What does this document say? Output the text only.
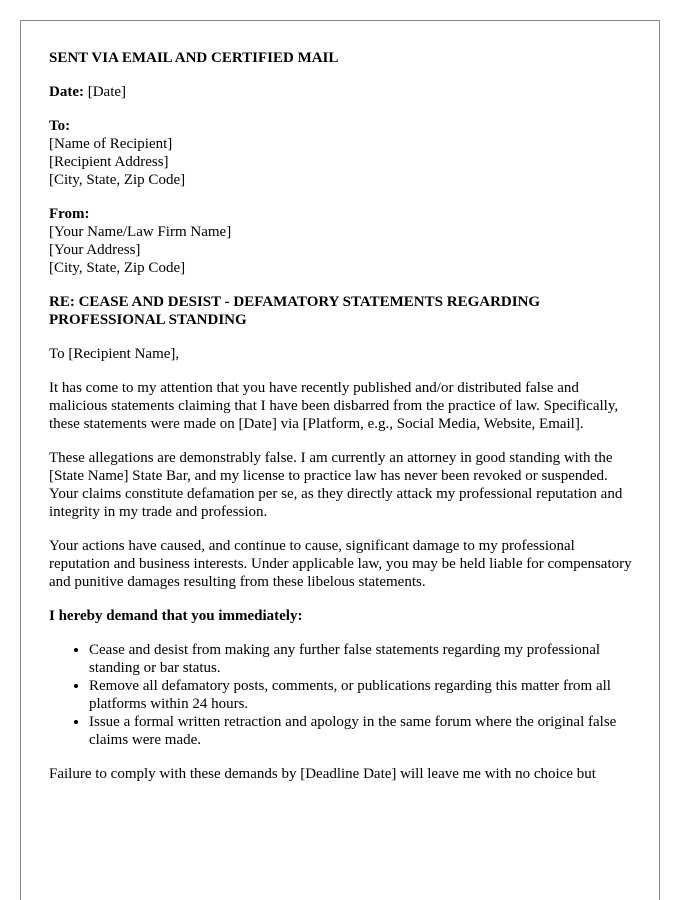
SENT VIA EMAIL AND CERTIFIED MAIL

Date: [Date]

To:
[Name of Recipient]
[Recipient Address]
[City, State, Zip Code]

From:
[Your Name/Law Firm Name]
[Your Address]
[City, State, Zip Code]

RE: CEASE AND DESIST - DEFAMATORY STATEMENTS REGARDING PROFESSIONAL STANDING

To [Recipient Name],

It has come to my attention that you have recently published and/or distributed false and malicious statements claiming that I have been disbarred from the practice of law. Specifically, these statements were made on [Date] via [Platform, e.g., Social Media, Website, Email].

These allegations are demonstrably false. I am currently an attorney in good standing with the [State Name] State Bar, and my license to practice law has never been revoked or suspended. Your claims constitute defamation per se, as they directly attack my professional reputation and integrity in my trade and profession.

Your actions have caused, and continue to cause, significant damage to my professional reputation and business interests. Under applicable law, you may be held liable for compensatory and punitive damages resulting from these libelous statements.

I hereby demand that you immediately:

• Cease and desist from making any further false statements regarding my professional standing or bar status.
• Remove all defamatory posts, comments, or publications regarding this matter from all platforms within 24 hours.
• Issue a formal written retraction and apology in the same forum where the original false claims were made.

Failure to comply with these demands by [Deadline Date] will leave me with no choice but
